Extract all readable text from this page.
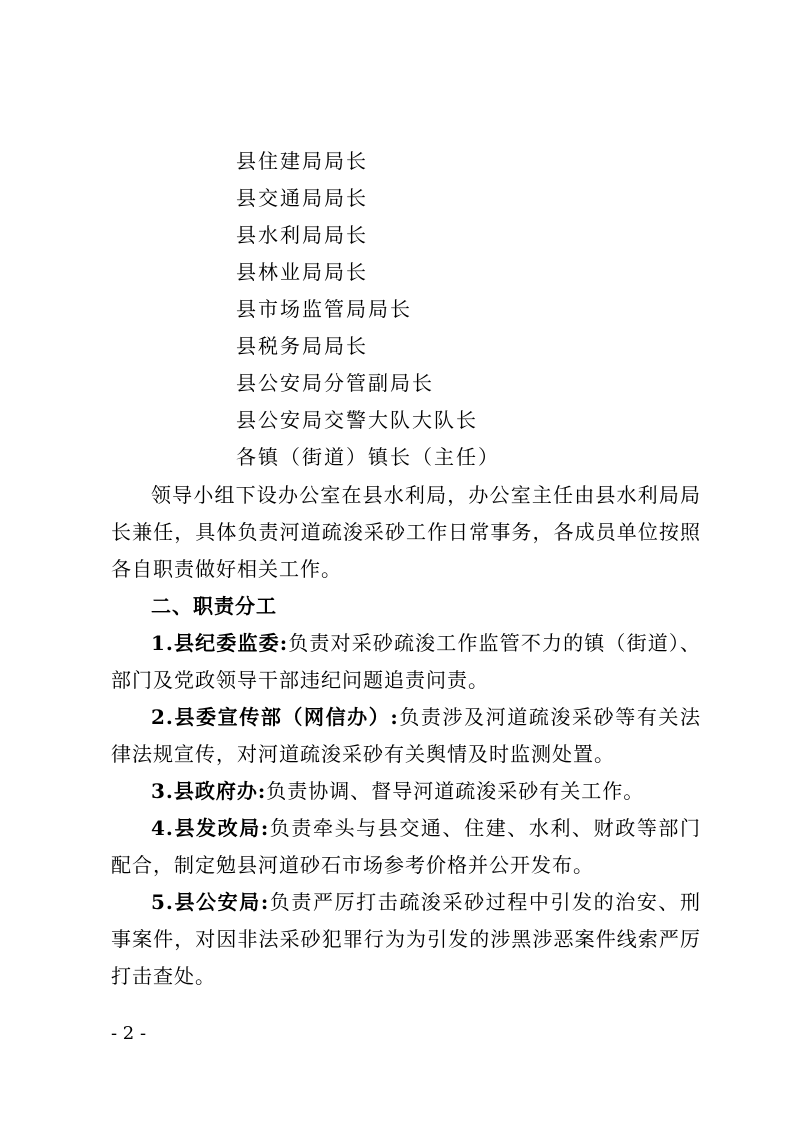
县住建局局长
县交通局局长
县水利局局长
县林业局局长
县市场监管局局长
县税务局局长
县公安局分管副局长
县公安局交警大队大队长
各镇（街道）镇长（主任）

领导小组下设办公室在县水利局，办公室主任由县水利局局长兼任，具体负责河道疏浚采砂工作日常事务，各成员单位按照各自职责做好相关工作。

二、职责分工

1.县纪委监委:负责对采砂疏浚工作监管不力的镇（街道）、部门及党政领导干部违纪问题追责问责。

2.县委宣传部（网信办）:负责涉及河道疏浚采砂等有关法律法规宣传，对河道疏浚采砂有关舆情及时监测处置。

3.县政府办:负责协调、督导河道疏浚采砂有关工作。

4.县发改局:负责牵头与县交通、住建、水利、财政等部门配合，制定勉县河道砂石市场参考价格并公开发布。

5.县公安局:负责严厉打击疏浚采砂过程中引发的治安、刑事案件，对因非法采砂犯罪行为为引发的涉黑涉恶案件线索严厉打击查处。

- 2 -
